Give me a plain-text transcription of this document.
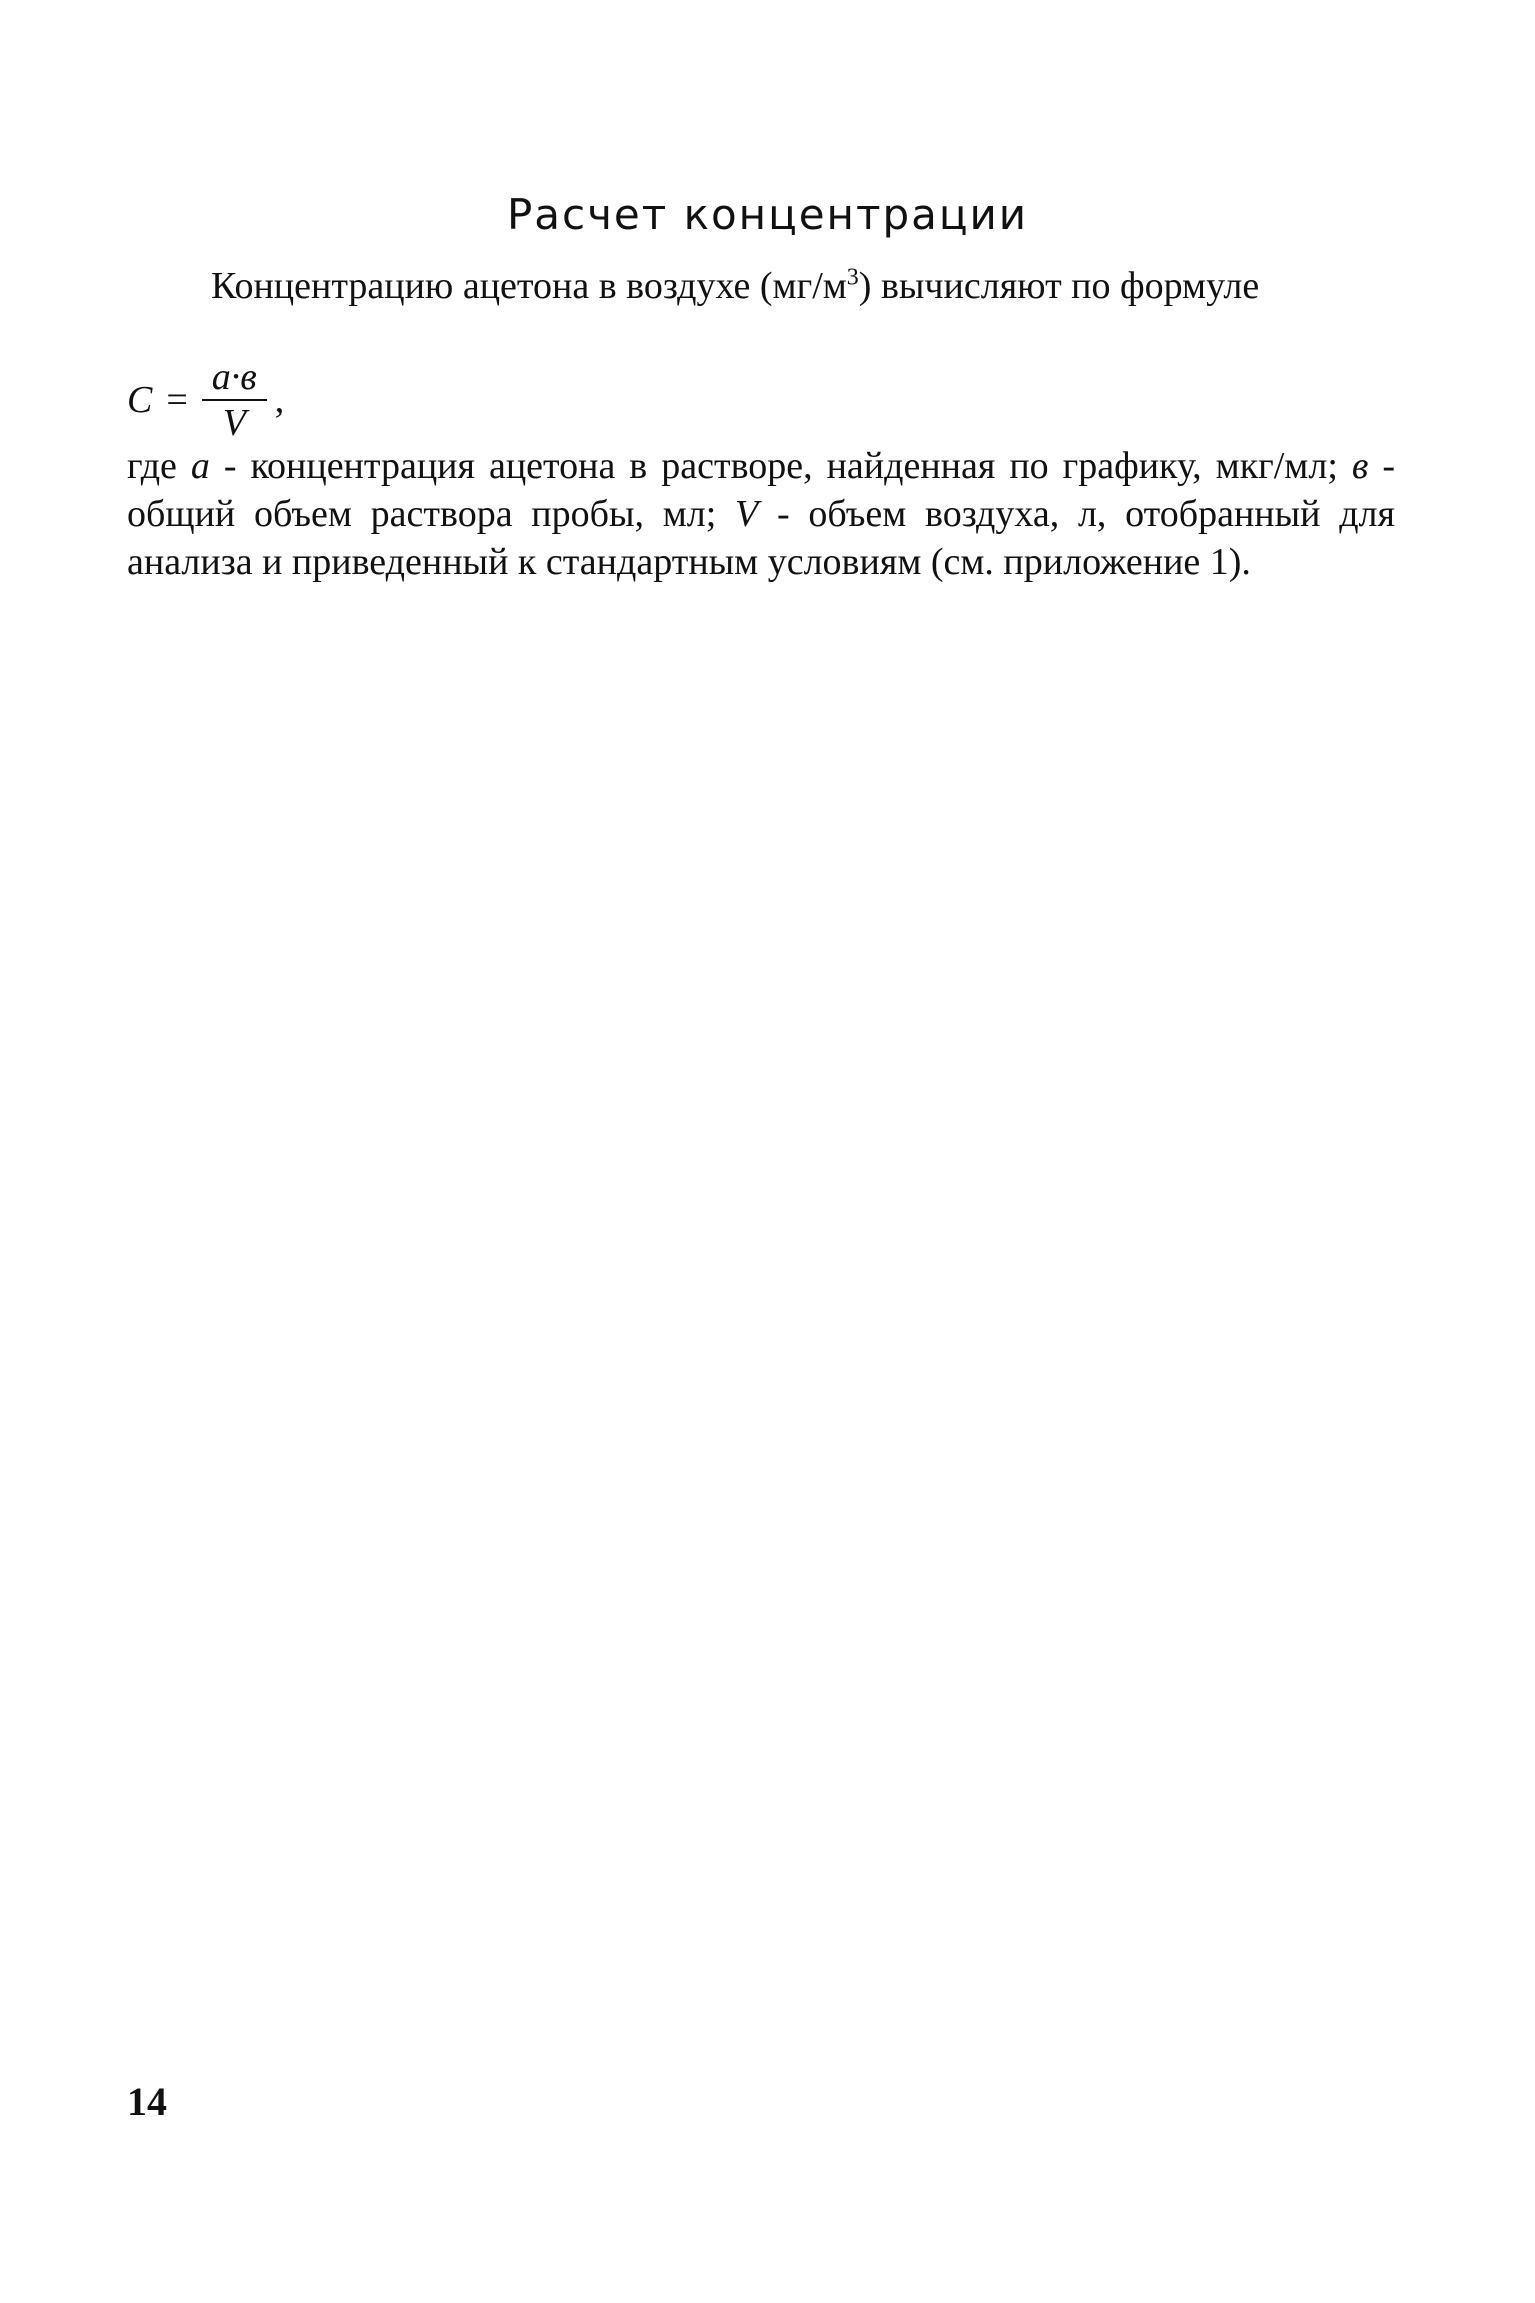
Расчет концентрации

Концентрацию ацетона в воздухе $(мг/м^3)$ вычисляют по формуле

$C = \frac{a\cdot в}{V}$ ,

где a - концентрация ацетона в растворе, найденная по графику, мкг/мл; в - общий объем раствора пробы, мл; V - объем воздуха, л, отобранный для анализа и приведенный к стандартным условиям (см. приложение 1).

14
